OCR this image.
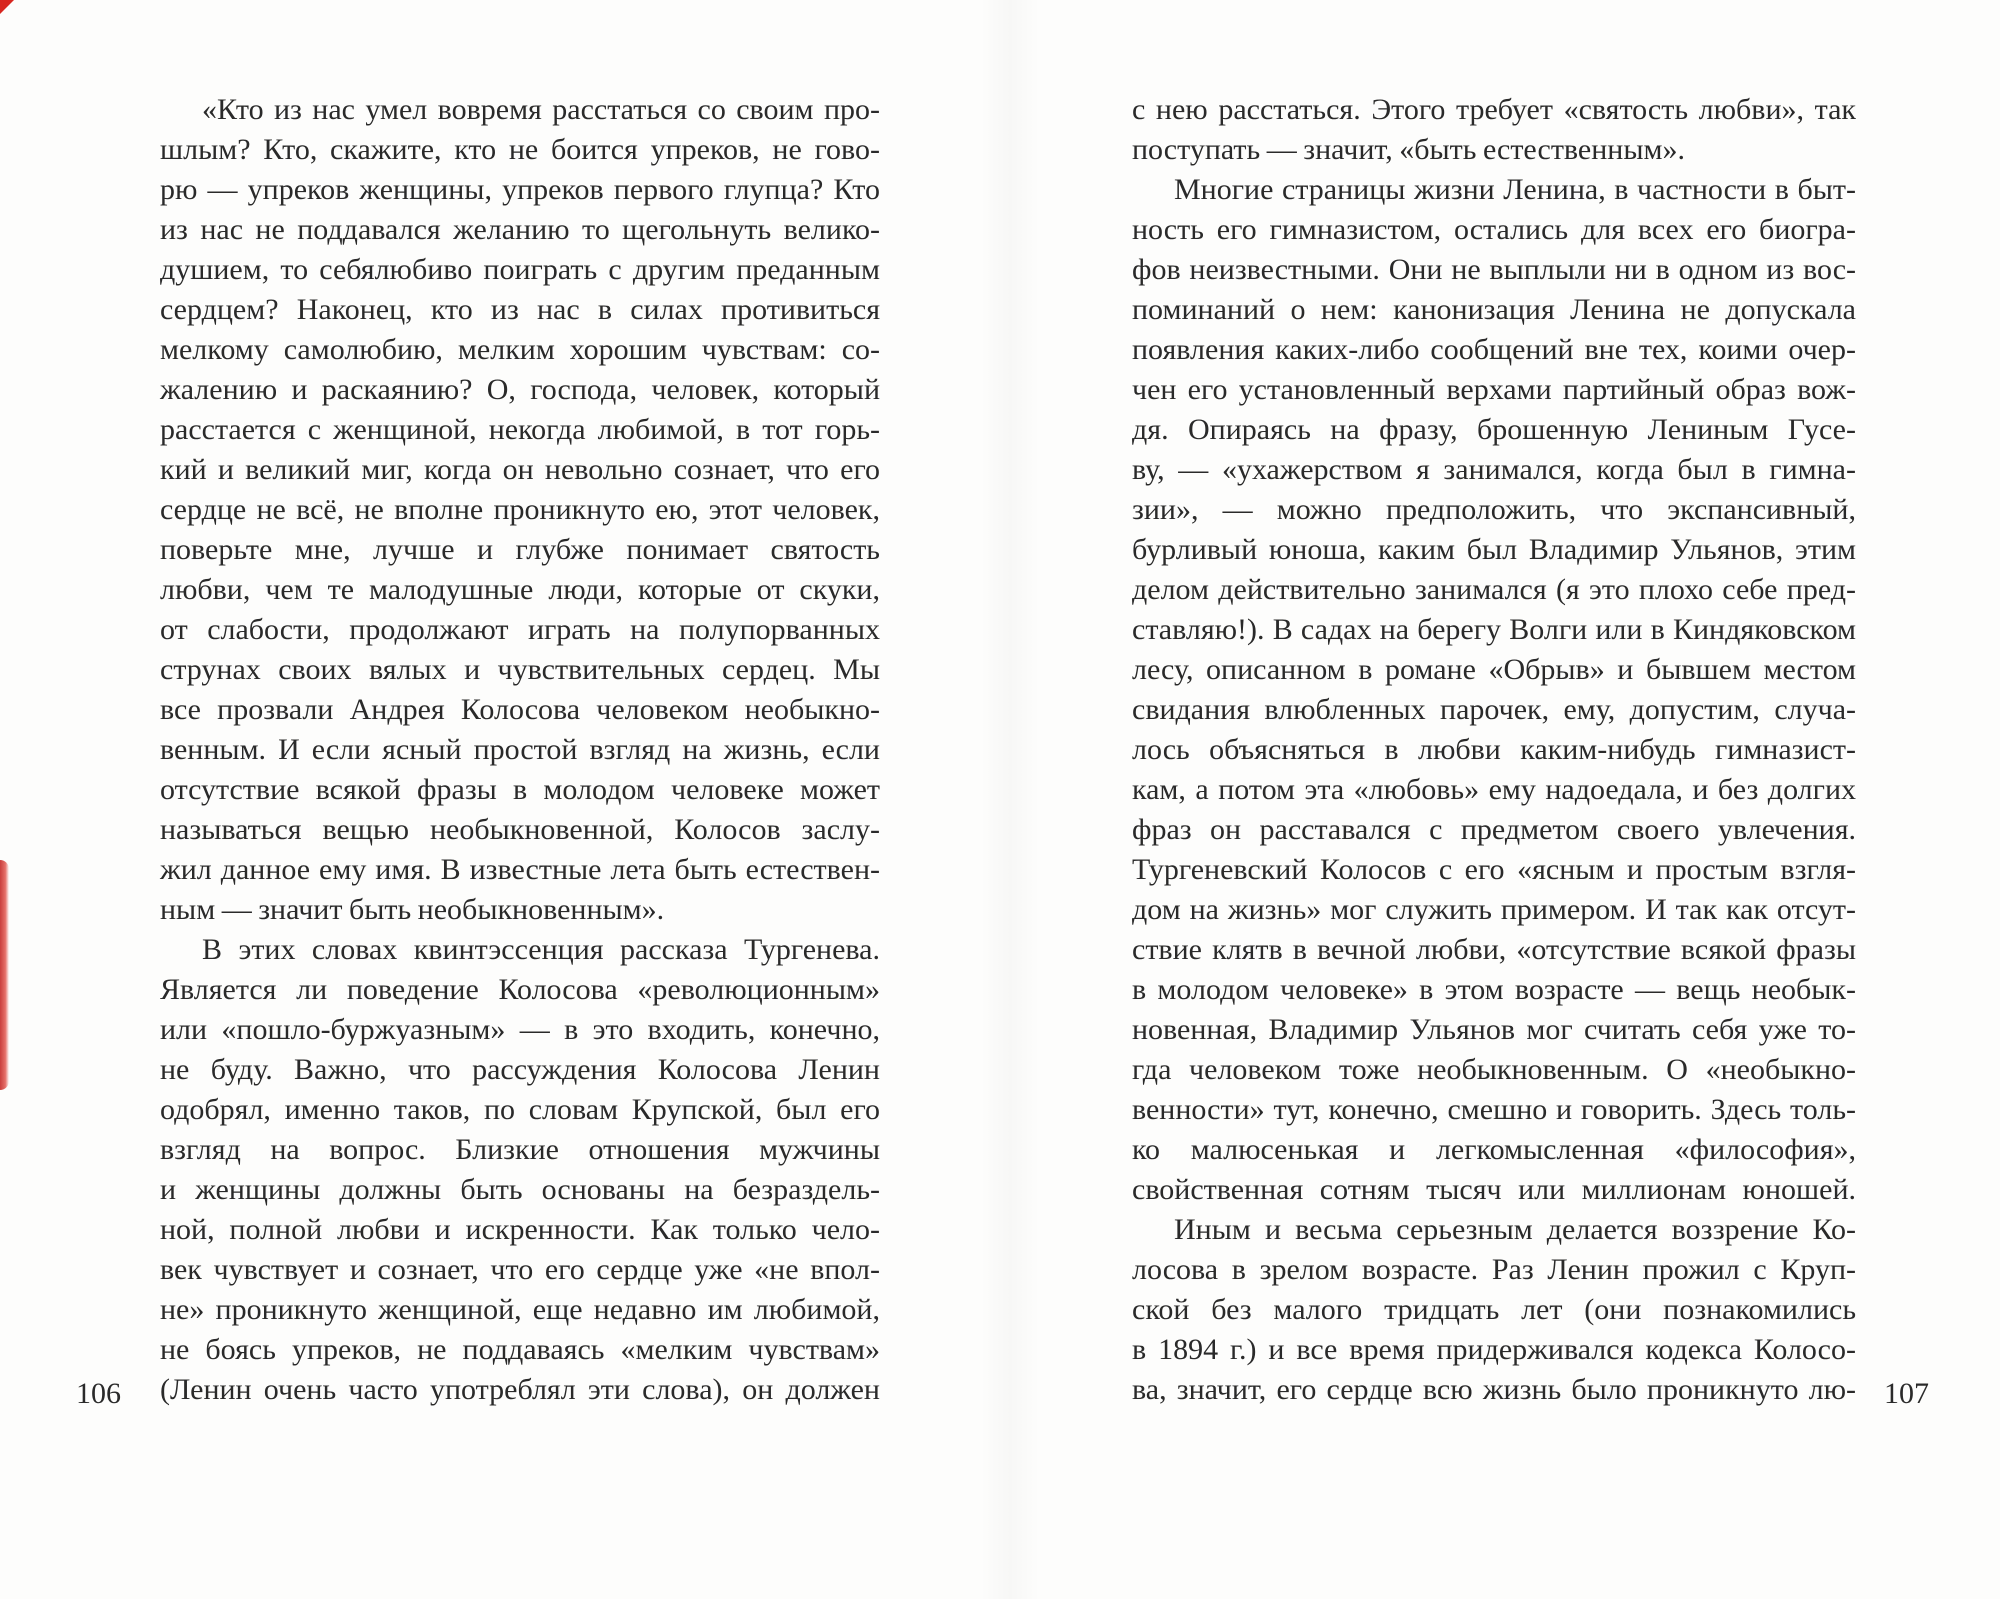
«Кто из нас умел вовремя расстаться со своим про-
шлым? Кто, скажите, кто не боится упреков, не гово-
рю — упреков женщины, упреков первого глупца? Кто
из нас не поддавался желанию то щегольнуть велико-
душием, то себялюбиво поиграть с другим преданным
сердцем? Наконец, кто из нас в силах противиться
мелкому самолюбию, мелким хорошим чувствам: со-
жалению и раскаянию? О, господа, человек, который
расстается с женщиной, некогда любимой, в тот горь-
кий и великий миг, когда он невольно сознает, что его
сердце не всё, не вполне проникнуто ею, этот человек,
поверьте мне, лучше и глубже понимает святость
любви, чем те малодушные люди, которые от скуки,
от слабости, продолжают играть на полупорванных
струнах своих вялых и чувствительных сердец. Мы
все прозвали Андрея Колосова человеком необыкно-
венным. И если ясный простой взгляд на жизнь, если
отсутствие всякой фразы в молодом человеке может
называться вещью необыкновенной, Колосов заслу-
жил данное ему имя. В известные лета быть естествен-
ным — значит быть необыкновенным».
В этих словах квинтэссенция рассказа Тургенева.
Является ли поведение Колосова «революционным»
или «пошло-буржуазным» — в это входить, конечно,
не буду. Важно, что рассуждения Колосова Ленин
одобрял, именно таков, по словам Крупской, был его
взгляд на вопрос. Близкие отношения мужчины
и женщины должны быть основаны на безраздель-
ной, полной любви и искренности. Как только чело-
век чувствует и сознает, что его сердце уже «не впол-
не» проникнуто женщиной, еще недавно им любимой,
не боясь упреков, не поддаваясь «мелким чувствам»
(Ленин очень часто употреблял эти слова), он должен
106
с нею расстаться. Этого требует «святость любви», так
поступать — значит, «быть естественным».
Многие страницы жизни Ленина, в частности в быт-
ность его гимназистом, остались для всех его биогра-
фов неизвестными. Они не выплыли ни в одном из вос-
поминаний о нем: канонизация Ленина не допускала
появления каких-либо сообщений вне тех, коими очер-
чен его установленный верхами партийный образ вож-
дя. Опираясь на фразу, брошенную Лениным Гусе-
ву, — «ухажерством я занимался, когда был в гимна-
зии», — можно предположить, что экспансивный,
бурливый юноша, каким был Владимир Ульянов, этим
делом действительно занимался (я это плохо себе пред-
ставляю!). В садах на берегу Волги или в Киндяковском
лесу, описанном в романе «Обрыв» и бывшем местом
свидания влюбленных парочек, ему, допустим, случа-
лось объясняться в любви каким-нибудь гимназист-
кам, а потом эта «любовь» ему надоедала, и без долгих
фраз он расставался с предметом своего увлечения.
Тургеневский Колосов с его «ясным и простым взгля-
дом на жизнь» мог служить примером. И так как отсут-
ствие клятв в вечной любви, «отсутствие всякой фразы
в молодом человеке» в этом возрасте — вещь необык-
новенная, Владимир Ульянов мог считать себя уже то-
гда человеком тоже необыкновенным. О «необыкно-
венности» тут, конечно, смешно и говорить. Здесь толь-
ко малюсенькая и легкомысленная «философия»,
свойственная сотням тысяч или миллионам юношей.
Иным и весьма серьезным делается воззрение Ко-
лосова в зрелом возрасте. Раз Ленин прожил с Круп-
ской без малого тридцать лет (они познакомились
в 1894 г.) и все время придерживался кодекса Колосо-
ва, значит, его сердце всю жизнь было проникнуто лю- 107
